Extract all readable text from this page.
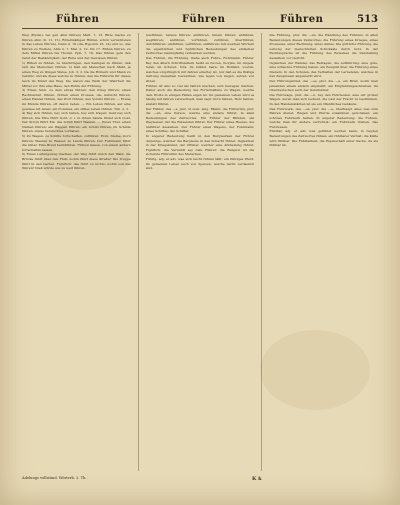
Führen	Führen	Führen	513

Weg (Hymn), bei gen Ahm führen) Matt. 7, 13. Bitte mache zu führen Ahm (9. 11, 15), Rittermäßigen Hülfen, schön vernichteten in das Leben führen), Dann 4. 16 (die Hypomn 16, 14) und so, das führen zu Wellen), Ahm 2. 7, Mal, 2, 12. Dn 17. Rühen fuhren, zu dem Mittel führen bis Thoren. Eph. 7, 16, Das führen geln den Geist der Beständigkeit, der Ruhe und der Gewissen führen.

1) Rühen zu führen, zu überbringen, den Seinigen zu führen, daß sich die Menschen führen. 2) Daß ein Menschen nach Mahl, ja einen Weg zu Dingen Weise, Joh. 3, 2. Da die Römern und Mann zu Gebühr, und als diese welche zu führen, den die Führerin für dieses nach im Mund des Weg. Sie waren das Werk der Wahrheit die Mittel vor ihm eine Haus, den Ruhm der Führung.

3) Einen Sinn, zu dem etwas führen: den Krieg führen; einen Rechtsstreit führen, führen einen Prozess; die Aufsicht führen, einen Handel führen, das Wort führen, den Vorsitz führen. — Etwas im Munde führen, oft davon reden. — Ein Leben führen, auf eine gewisse Art leben; ein frommes, ein stilles Leben führen, Tim. 2, 2.

4) Bey sich führen, bey sich haben, bey sich tragen; Geld bey sich führen. Die Elbe führt Gold, d. i. in ihrem Sande findet sich Gold. Der Strom führt Eis; das Schiff führt Waaren. — Einen Titel, einen Namen führen; ein Wappen führen; ein Schild führen, im Schilde führen, etwas Verstecktes vorhaben.

5) Zu Wagen, zu Schiffe fortschaffen, zuführen: Holz, Steine, Korn führen; Waaren zu Wasser, zu Lande führen. Der Fuhrmann führt die Güter. Eine Braut heimführen. Führen lassen, von einem andern fortschaffen lassen.

6) Einen Leitungsweg machen; der Weg führt durch den Wald; die Brücke führt über den Fluß; wohin führt diese Straße? Die Treppe führt in den Garten. Figürlich: das führt zu nichts; wohin soll das führen? Dieß würde uns zu weit führen.

Ausführen, heraus führen; einführen, hinein führen; abführen, wegführen; anführen, vorführen, zuführen, überführen, durchführen, umführen, verführen, entführen; mit welchen Wörtern die eigentlichen und figürlichen Bedeutungen des einfachen Zeitwortes mannigfaltig verbunden werden.

Das Führen, die Führung. Siehe auch Fuhre, Fuhrmann, Führer. Bey den ältern Schriftstellern heißt es fuoren, fuorjan, im Angels. feran, im Schwed. föra, im Isländ. færa, im Holländ. voeren, welches ursprünglich mit fahren einerley ist, nur daß es die thätige Gattung desselben bezeichnet, wie legen von liegen, setzen von sitzen.

Führen ist also so viel als fahren machen, sich bewegen machen. Daher auch die Bedeutung des Fortschaffens zu Wagen, welche dem Worte in einigen Fällen eigen ist. Im gemeinen Leben wird es häufig mit fahren verwechselt, man sagt: Korn fahren, Holz fahren, anstatt führen.

Der Führer, des —s, plur. ut nom. sing. Fämin. die Führerinn, plur. die —en, eine Person, welche eine andere führet, in allen Bedeutungen des Zeitwortes. Ein Führer der Blinden, ein Wegweiser, der die Reisenden führet. Der Führer eines Heeres, der Anführer desselben. Der Führer eines Wagens, der Fuhrmann; eines Schiffes, der Schiffer.

In engerer Bedeutung heißt in den Bergwerken der Führer derjenige, welcher die Bergleute in den Schacht führet. Ingleichen in der Kriegskunst, der Offizier, welcher eine Abtheilung führet. Figürlich: die Vernunft sey dein Führer; die Religion ist die sicherste Führerinn des Menschen.

Führig, adj. et adv. was sich leicht führen läßt; ein führiges Pferd. Im gemeinen Leben auch von Speisen, welche leicht verdaulich sind.

Die Führung, plur. die —en, die Handlung des Führens, in allen Bedeutungen dieses Zeitwortes; die Führung eines Krieges, eines Prozesses, einer Rechnung, eines Amtes. Die göttliche Führung, die Leitung der menschlichen Schicksale durch Gott. In der Rechtssprache ist die Führung des Beweises die Darstellung desselben vor Gericht.

Ingleichen der Wandel, das Betragen, die Aufführung; eine gute, eine schlechte Führung haben; ein Zeugniß über die Führung eines Dieners. In den Schulen, das Verhalten der Lernenden, welches in den Zeugnissen angemerkt wird.

Der Führungsbrief, des —es, plur. die —e, ein Brief, worin man jemanden einem andern empfiehlt, ein Empfehlungsschreiben. Im Oberdeutschen auch der Geleitsbrief.

Die Fuhrwage, plur. die —n, bey den Fuhrleuten, eine Art großer Wagen, deren man sich bedient, die Last der Fracht zu bestimmen. In den Handelsstädten ist sie ein öffentliches Gebäude.

Das Fuhrwerk, des —es, plur. die —e, überhaupt alles was zum Fahren dienet, Wagen und Pferde zusammen genommen; ein schönes Fuhrwerk halten. In engerer Bedeutung, die Fuhren, welche man für andere verrichtet; ein Fuhrwerk treiben, das Fuhrwesen.

Fühlbar, adj. et adv. was gefühlet werden kann, in beyden Bedeutungen des Zeitwortes fühlen; ein fühlbarer Verlust; die Kälte wird fühlbar. Die Fühlbarkeit, die Eigenschaft einer Sache, da sie fühlbar ist.

Adelungs vollständ. Wörterb. 2. Th.	K k
